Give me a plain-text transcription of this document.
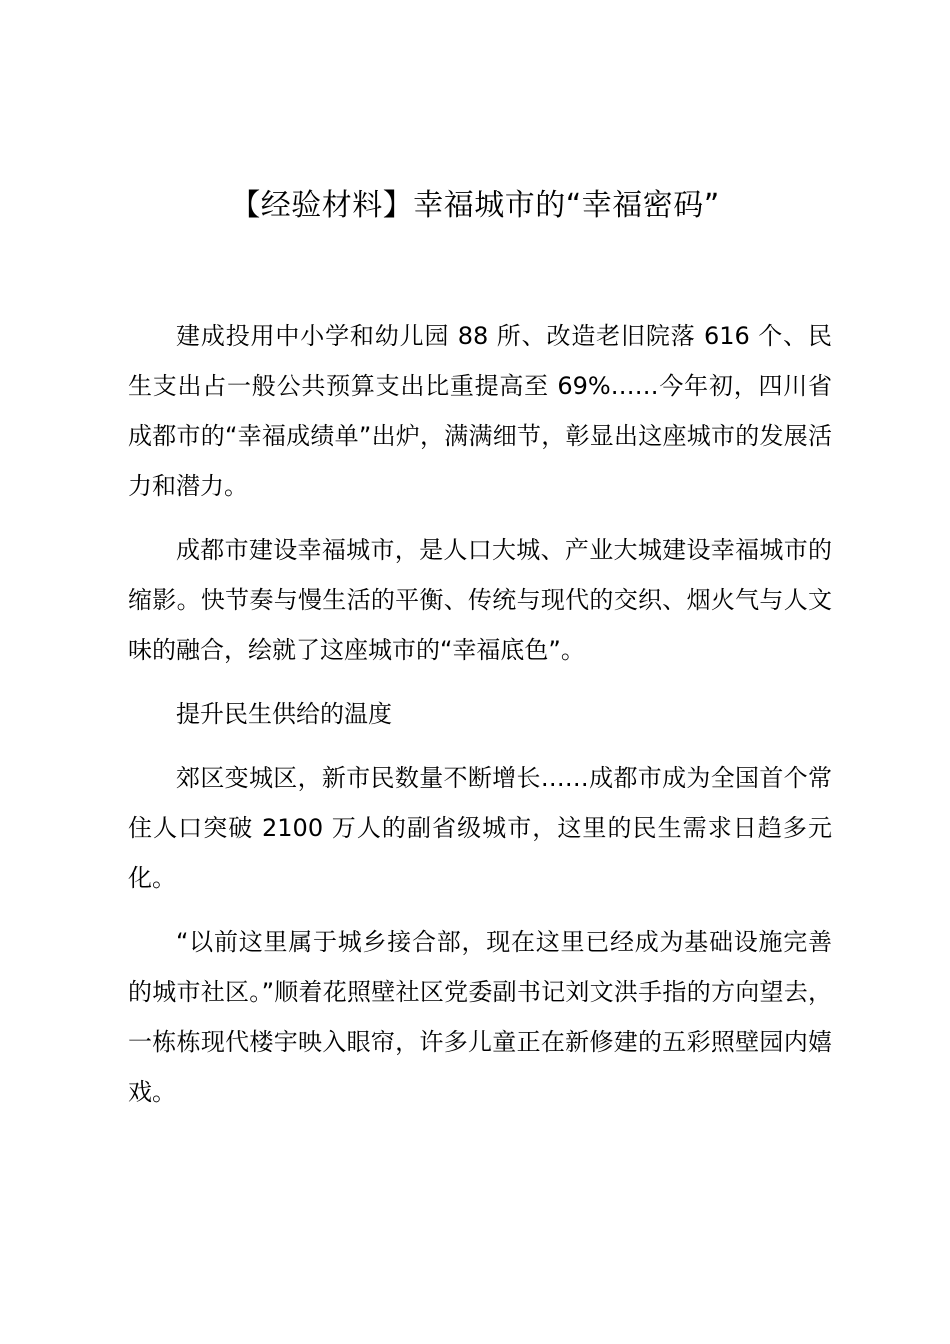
【经验材料】幸福城市的“幸福密码”

建成投用中小学和幼儿园 88 所、改造老旧院落 616 个、民生支出占一般公共预算支出比重提高至 69%……今年初，四川省成都市的“幸福成绩单”出炉，满满细节，彰显出这座城市的发展活力和潜力。

成都市建设幸福城市，是人口大城、产业大城建设幸福城市的缩影。快节奏与慢生活的平衡、传统与现代的交织、烟火气与人文味的融合，绘就了这座城市的“幸福底色”。

提升民生供给的温度

郊区变城区，新市民数量不断增长……成都市成为全国首个常住人口突破 2100 万人的副省级城市，这里的民生需求日趋多元化。

“以前这里属于城乡接合部，现在这里已经成为基础设施完善的城市社区。”顺着花照壁社区党委副书记刘文洪手指的方向望去，一栋栋现代楼宇映入眼帘，许多儿童正在新修建的五彩照壁园内嬉戏。
